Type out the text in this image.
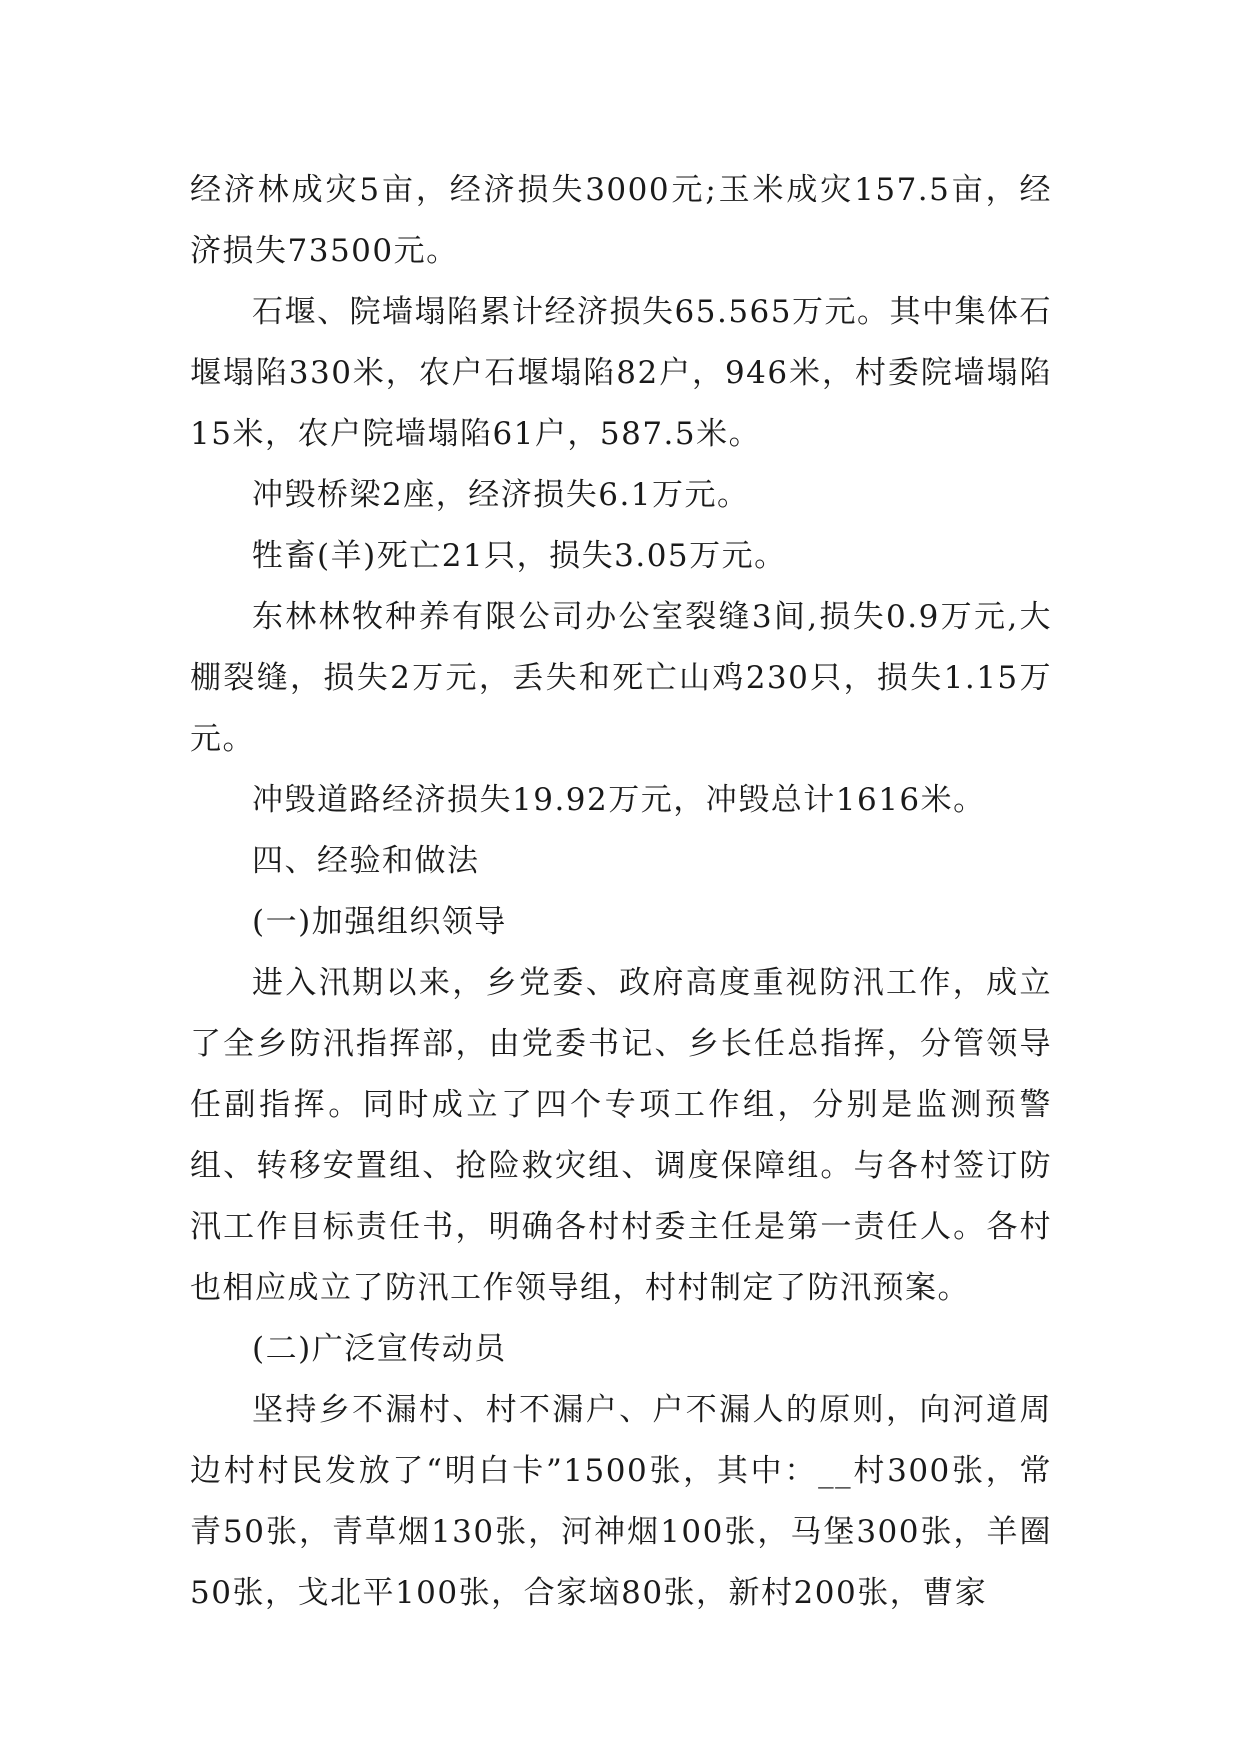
经济林成灾5亩，经济损失3000元;玉米成灾157.5亩，经济损失73500元。

石堰、院墙塌陷累计经济损失65.565万元。其中集体石堰塌陷330米，农户石堰塌陷82户，946米，村委院墙塌陷15米，农户院墙塌陷61户，587.5米。

冲毁桥梁2座，经济损失6.1万元。

牲畜(羊)死亡21只，损失3.05万元。

东林林牧种养有限公司办公室裂缝3间,损失0.9万元,大棚裂缝，损失2万元，丢失和死亡山鸡230只，损失1.15万元。

冲毁道路经济损失19.92万元，冲毁总计1616米。

四、经验和做法

(一)加强组织领导

进入汛期以来，乡党委、政府高度重视防汛工作，成立了全乡防汛指挥部，由党委书记、乡长任总指挥，分管领导任副指挥。同时成立了四个专项工作组，分别是监测预警组、转移安置组、抢险救灾组、调度保障组。与各村签订防汛工作目标责任书，明确各村村委主任是第一责任人。各村也相应成立了防汛工作领导组，村村制定了防汛预案。

(二)广泛宣传动员

坚持乡不漏村、村不漏户、户不漏人的原则，向河道周边村村民发放了“明白卡”1500张，其中：__村300张，常青50张，青草烟130张，河神烟100张，马堡300张，羊圈50张，戈北平100张，合家垴80张，新村200张，曹家
